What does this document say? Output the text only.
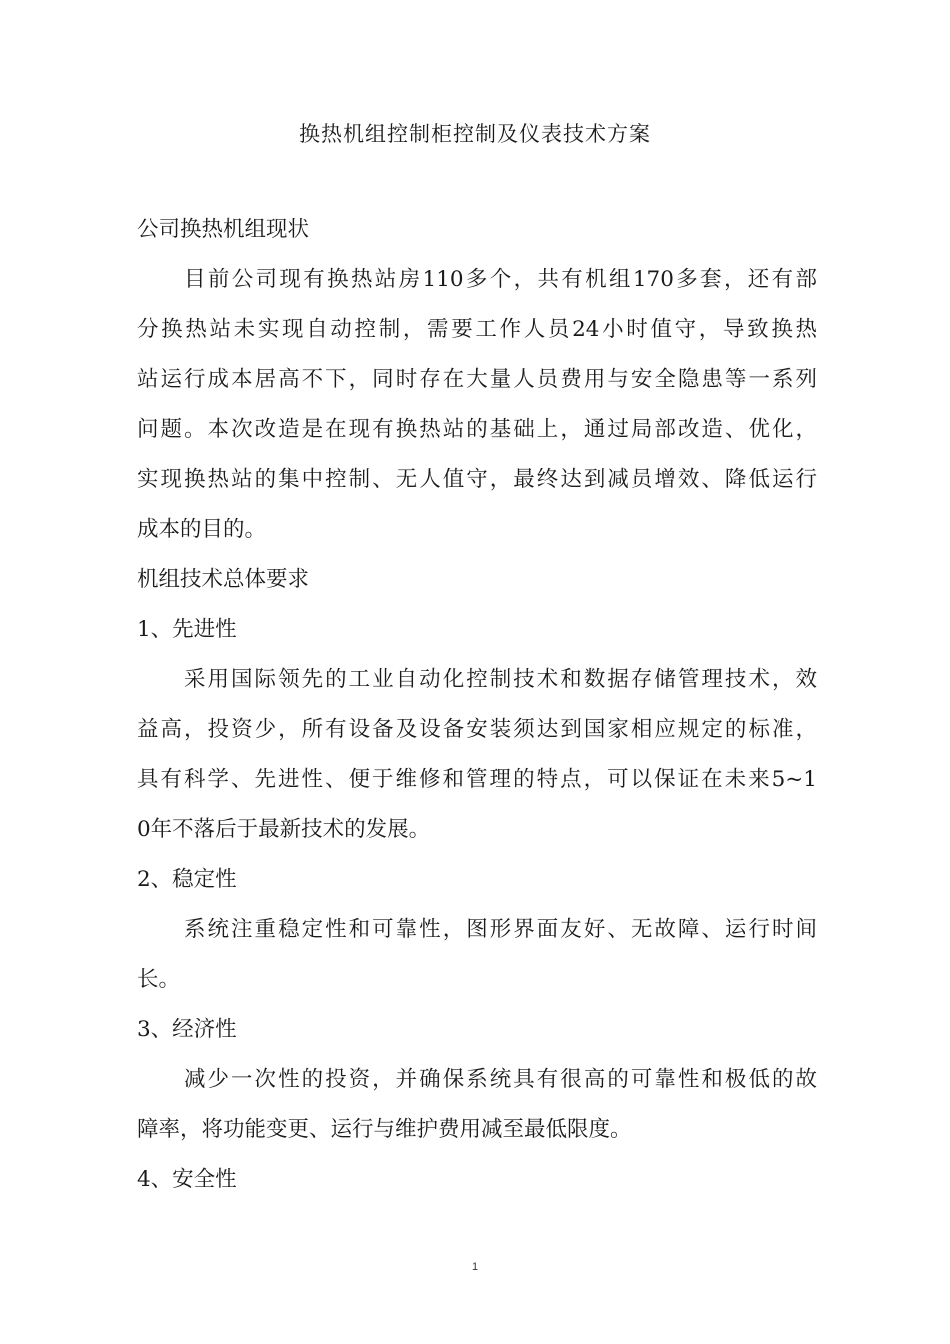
换热机组控制柜控制及仪表技术方案
公司换热机组现状
目前公司现有换热站房110多个，共有机组170多套，还有部
分换热站未实现自动控制，需要工作人员24小时值守，导致换热
站运行成本居高不下，同时存在大量人员费用与安全隐患等一系列
问题。本次改造是在现有换热站的基础上，通过局部改造、优化，
实现换热站的集中控制、无人值守，最终达到减员增效、降低运行
成本的目的。
机组技术总体要求
1、先进性
采用国际领先的工业自动化控制技术和数据存储管理技术，效
益高，投资少，所有设备及设备安装须达到国家相应规定的标准，
具有科学、先进性、便于维修和管理的特点，可以保证在未来5~1
0年不落后于最新技术的发展。
2、稳定性
系统注重稳定性和可靠性，图形界面友好、无故障、运行时间
长。
3、经济性
减少一次性的投资，并确保系统具有很高的可靠性和极低的故
障率，将功能变更、运行与维护费用减至最低限度。
4、安全性
1
